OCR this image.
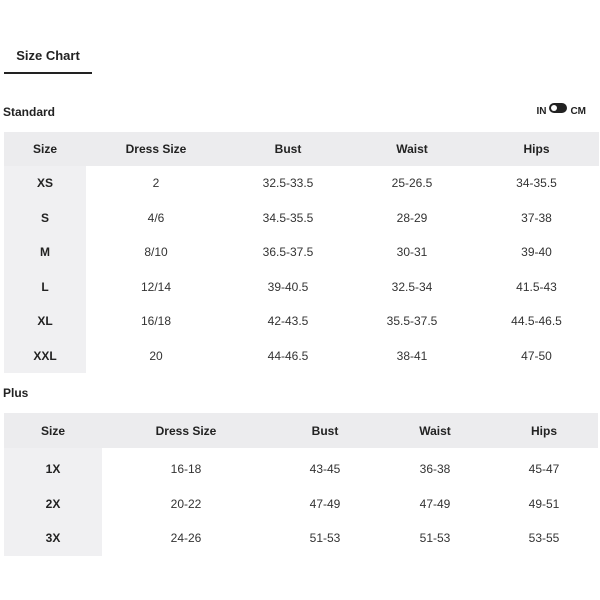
Size Chart
Standard	IN CM
Size	Dress Size	Bust	Waist	Hips
XS	2	32.5-33.5	25-26.5	34-35.5
S	4/6	34.5-35.5	28-29	37-38
M	8/10	36.5-37.5	30-31	39-40
L	12/14	39-40.5	32.5-34	41.5-43
XL	16/18	42-43.5	35.5-37.5	44.5-46.5
XXL	20	44-46.5	38-41	47-50
Plus
Size	Dress Size	Bust	Waist	Hips

1X	16-18	43-45	36-38	45-47
2X	20-22	47-49	47-49	49-51
3X	24-26	51-53	51-53	53-55
